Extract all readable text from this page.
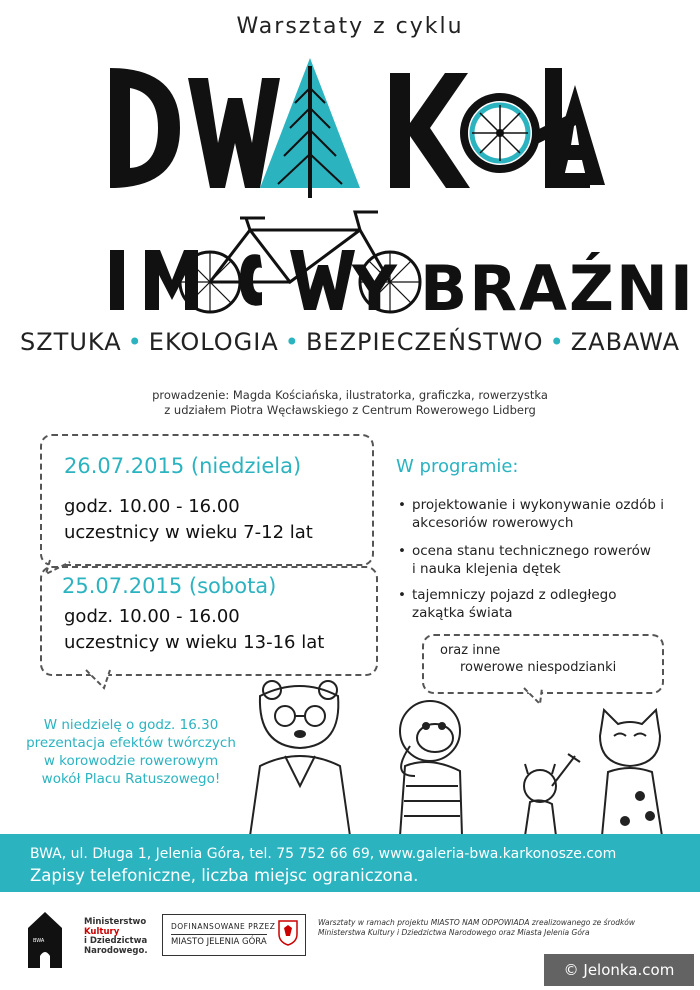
Warsztaty z cyklu
BRAŹNI
Y
SZTUKA • EKOLOGIA • BEZPIECZEŃSTWO • ZABAWA
prowadzenie: Magda Kościańska, ilustratorka, graficzka, rowerzystka
z udziałem Piotra Węcławskiego z Centrum Rowerowego Lidberg
26.07.2015 (niedziela)
godz. 10.00 - 16.00
uczestnicy w wieku 7-12 lat
25.07.2015 (sobota)
godz. 10.00 - 16.00
uczestnicy w wieku 13-16 lat
W programie:
• projektowanie i wykonywanie ozdób i akcesoriów rowerowych
• ocena stanu technicznego rowerów i nauka klejenia dętek
• tajemniczy pojazd z odległego zakątka świata
oraz inne
rowerowe niespodzianki
W niedzielę o godz. 16.30 prezentacja efektów twórczych w korowodzie rowerowym wokół Placu Ratuszowego!
BWA, ul. Długa 1, Jelenia Góra, tel. 75 752 66 69, www.galeria-bwa.karkonosze.com
Zapisy telefoniczne, liczba miejsc ograniczona.
BWA
Ministerstwo
Kultury
i Dziedzictwa
Narodowego.
DOFINANSOWANE PRZEZ
MIASTO JELENIA GÓRA
Warsztaty w ramach projektu MIASTO NAM ODPOWIADA zrealizowanego ze środków Ministerstwa Kultury i Dziedzictwa Narodowego oraz Miasta Jelenia Góra
© Jelonka.com
